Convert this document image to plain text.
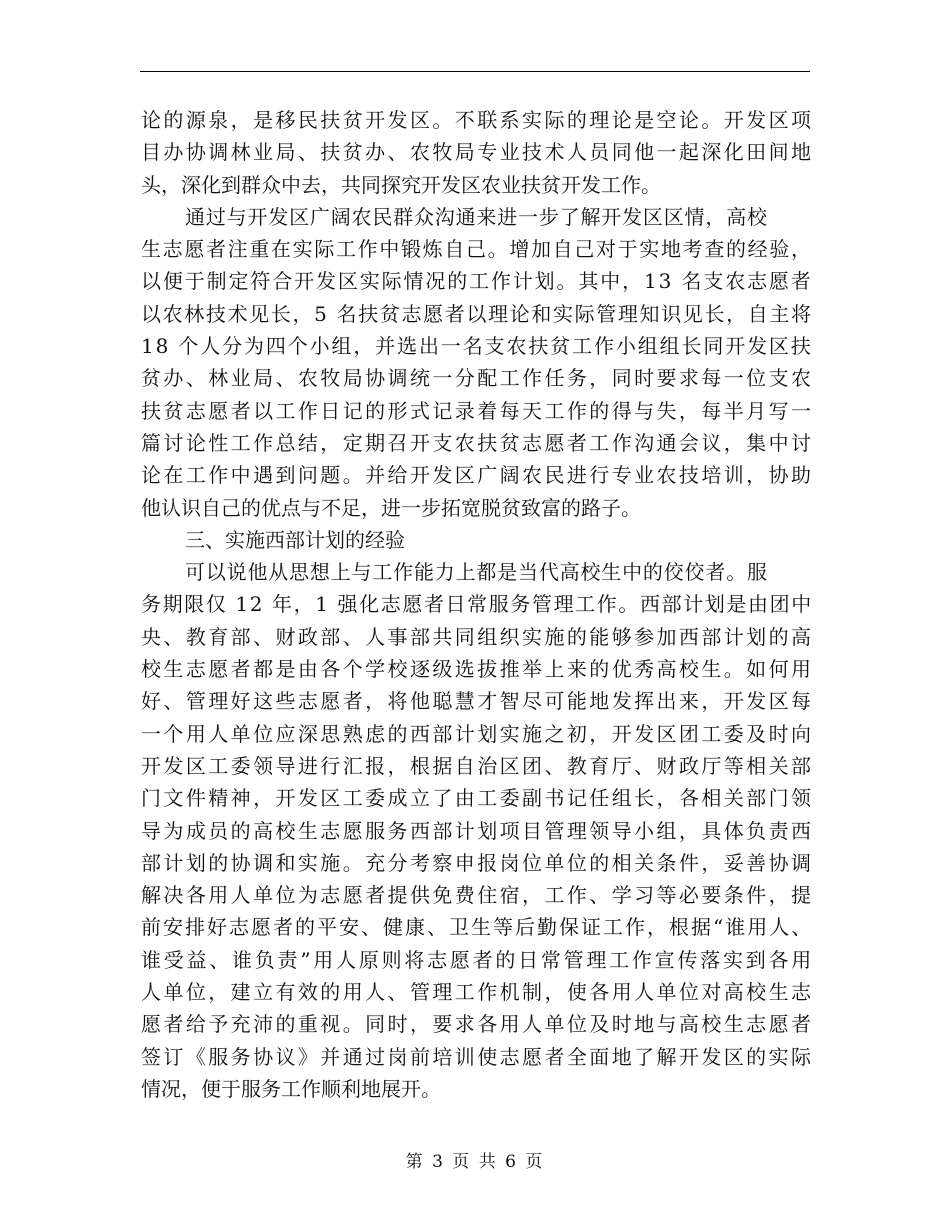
论的源泉，是移民扶贫开发区。不联系实际的理论是空论。开发区项
目办协调林业局、扶贫办、农牧局专业技术人员同他一起深化田间地
头，深化到群众中去，共同探究开发区农业扶贫开发工作。
通过与开发区广阔农民群众沟通来进一步了解开发区区情，高校
生志愿者注重在实际工作中锻炼自己。增加自己对于实地考查的经验，
以便于制定符合开发区实际情况的工作计划。其中，13 名支农志愿者
以农林技术见长，5 名扶贫志愿者以理论和实际管理知识见长，自主将
18 个人分为四个小组，并选出一名支农扶贫工作小组组长同开发区扶
贫办、林业局、农牧局协调统一分配工作任务，同时要求每一位支农
扶贫志愿者以工作日记的形式记录着每天工作的得与失，每半月写一
篇讨论性工作总结，定期召开支农扶贫志愿者工作沟通会议，集中讨
论在工作中遇到问题。并给开发区广阔农民进行专业农技培训，协助
他认识自己的优点与不足，进一步拓宽脱贫致富的路子。
三、实施西部计划的经验
可以说他从思想上与工作能力上都是当代高校生中的佼佼者。服
务期限仅 12 年，1 强化志愿者日常服务管理工作。西部计划是由团中
央、教育部、财政部、人事部共同组织实施的能够参加西部计划的高
校生志愿者都是由各个学校逐级选拔推举上来的优秀高校生。如何用
好、管理好这些志愿者，将他聪慧才智尽可能地发挥出来，开发区每
一个用人单位应深思熟虑的西部计划实施之初，开发区团工委及时向
开发区工委领导进行汇报，根据自治区团、教育厅、财政厅等相关部
门文件精神，开发区工委成立了由工委副书记任组长，各相关部门领
导为成员的高校生志愿服务西部计划项目管理领导小组，具体负责西
部计划的协调和实施。充分考察申报岗位单位的相关条件，妥善协调
解决各用人单位为志愿者提供免费住宿，工作、学习等必要条件，提
前安排好志愿者的平安、健康、卫生等后勤保证工作，根据“谁用人、
谁受益、谁负责”用人原则将志愿者的日常管理工作宣传落实到各用
人单位，建立有效的用人、管理工作机制，使各用人单位对高校生志
愿者给予充沛的重视。同时，要求各用人单位及时地与高校生志愿者
签订《服务协议》并通过岗前培训使志愿者全面地了解开发区的实际
情况，便于服务工作顺利地展开。
第 3 页 共 6 页
